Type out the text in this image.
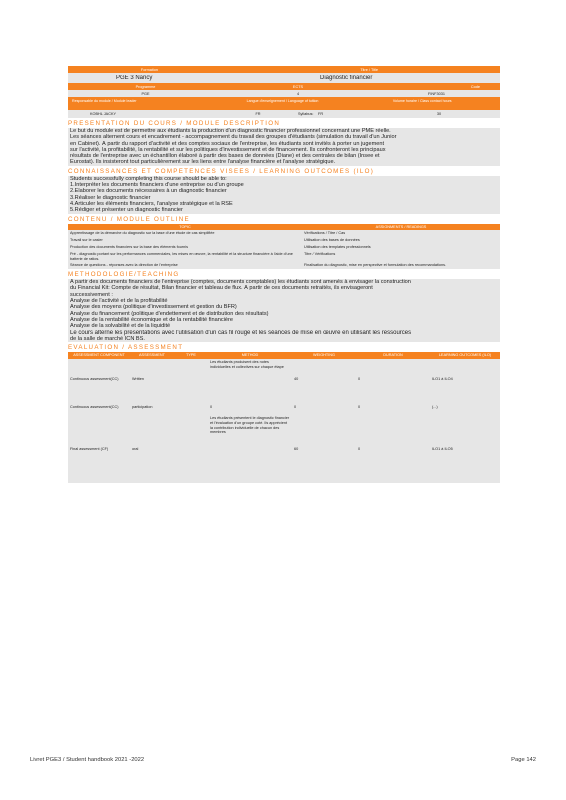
Formation	Titre / Title
PGE 3 Nancy	Diagnostic financier
Programme	ECTS	Code
PGE	4	FINF3031
Responsable du module / Module leader	Langue d'enseignement / Language of tuition	Volume horaire / Class contact hours
KOBHL JACKY	FR	Syllabus:	FR	30
PRESENTATION DU COURS / MODULE DESCRIPTION
Le but du module est de permettre aux étudiants la production d'un diagnostic financier professionnel concernant une PME réelle.
Les séances alternent cours et encadrement - accompagnement du travail des groupes d'étudiants (simulation du travail d'un Junior
en Cabinet). À partir du rapport d'activité et des comptes sociaux de l'entreprise, les étudiants sont invités à porter un jugement
sur l'activité, la profitabilité, la rentabilité et sur les politiques d'investissement et de financement. Ils confronteront les principaux
résultats de l'entreprise avec un échantillon élaboré à partir des bases de données (Diane) et des centrales de bilan (Insee et
Eurostat). Ils insisteront tout particulièrement sur les liens entre l'analyse financière et l'analyse stratégique.
CONNAISSANCES ET COMPETENCES VISEES / LEARNING OUTCOMES (ILO)
Students successfully completing this course should be able to:
1.Interpréter les documents financiers d'une entreprise ou d'un groupe
2.Elaborer les documents nécessaires à un diagnostic financier
3.Réaliser le diagnostic financier
4.Articuler les éléments financiers, l'analyse stratégique et la RSE
5.Rédiger et présenter un diagnostic financier
CONTENU / MODULE OUTLINE
TOPIC	ASSIGNMENTS / READINGS
Apprentissage de la démarche du diagnostic sur la base d'une étude de cas simplifiée	Vérifications / Titre / Cas
Travail sur le casier	Utilisation des bases de données
Production des documents financiers sur la base des éléments fournis	Utilisation des templates professionnels
Pré - diagnostic portant sur les performances commerciales, les mises en œuvre, la rentabilité et la structure financière à l'aide d'une batterie de ratios.	Titre / Vérifications
Séance de questions - réponses avec la direction de l'entreprise	Finalisation du diagnostic, mise en perspective et formulation des recommandations.
METHODOLOGIE/TEACHING
A partir des documents financiers de l'entreprise (comptes, documents comptables) les étudiants sont amenés à envisager la construction
du Financial Kit: Compte de résultat, Bilan financier et tableau de flux. À partir de ces documents retraités, ils envisageront
successivement :
Analyse de l'activité et de la profitabilité
Analyse des moyens (politique d'investissement et gestion du BFR)
Analyse du financement (politique d'endettement et de distribution des résultats)
Analyse de la rentabilité économique et de la rentabilité financière
Analyse de la solvabilité et de la liquidité
Le cours alterne les présentations avec l'utilisation d'un cas fil rouge et les séances de mise en œuvre en utilisant les ressources
de la salle de marché ICN BS.
EVALUATION / ASSESSMENT
ASSESSMENT COMPONENT	ASSESSMENT	TYPE	METHOD	WEIGHTING	DURATION	LEARNING OUTCOMES (ILO)
Continuous assessment(CC)	Written		Les étudiants produisent des notes individuelles et collectives sur chaque étape	40	0	ILO1 à ILO4
Continuous assessment(CC)	participation		0	0	0	(...)
Final assessment (CF)	oral		Les étudiants présentent le diagnostic financier et l'évaluation d'un groupe coté. Ils apprécient la contribution individuelle de chacun des membres	60	0	ILO1 à ILO5
Livret PGE3 / Student handbook 2021 -2022	Page 142
